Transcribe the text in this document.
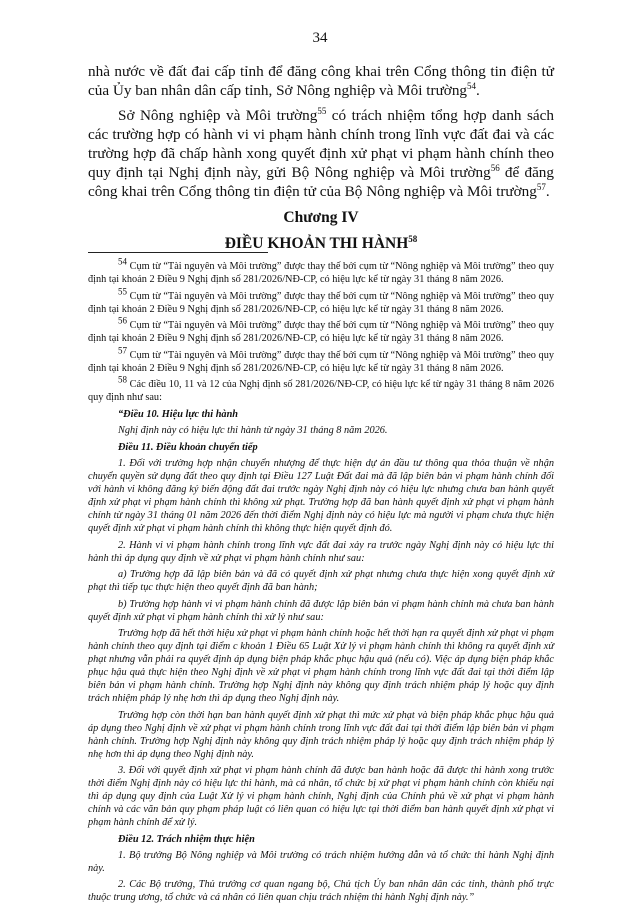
34

nhà nước về đất đai cấp tỉnh để đăng công khai trên Cổng thông tin điện tử của Ủy ban nhân dân cấp tỉnh, Sở Nông nghiệp và Môi trường$^{54}$.

Sở Nông nghiệp và Môi trường$^{55}$ có trách nhiệm tổng hợp danh sách các trường hợp có hành vi vi phạm hành chính trong lĩnh vực đất đai và các trường hợp đã chấp hành xong quyết định xử phạt vi phạm hành chính theo quy định tại Nghị định này, gửi Bộ Nông nghiệp và Môi trường$^{56}$ để đăng công khai trên Cổng thông tin điện tử của Bộ Nông nghiệp và Môi trường$^{57}$.

Chương IV

ĐIỀU KHOẢN THI HÀNH$^{58}$

$^{54}$ Cụm từ “Tài nguyên và Môi trường” được thay thế bởi cụm từ “Nông nghiệp và Môi trường” theo quy định tại khoản 2 Điều 9 Nghị định số 281/2026/NĐ-CP, có hiệu lực kể từ ngày 31 tháng 8 năm 2026.

$^{55}$ Cụm từ “Tài nguyên và Môi trường” được thay thế bởi cụm từ “Nông nghiệp và Môi trường” theo quy định tại khoản 2 Điều 9 Nghị định số 281/2026/NĐ-CP, có hiệu lực kể từ ngày 31 tháng 8 năm 2026.

$^{56}$ Cụm từ “Tài nguyên và Môi trường” được thay thế bởi cụm từ “Nông nghiệp và Môi trường” theo quy định tại khoản 2 Điều 9 Nghị định số 281/2026/NĐ-CP, có hiệu lực kể từ ngày 31 tháng 8 năm 2026.

$^{57}$ Cụm từ “Tài nguyên và Môi trường” được thay thế bởi cụm từ “Nông nghiệp và Môi trường” theo quy định tại khoản 2 Điều 9 Nghị định số 281/2026/NĐ-CP, có hiệu lực kể từ ngày 31 tháng 8 năm 2026.

$^{58}$ Các điều 10, 11 và 12 của Nghị định số 281/2026/NĐ-CP, có hiệu lực kể từ ngày 31 tháng 8 năm 2026 quy định như sau:

“Điều 10. Hiệu lực thi hành

Nghị định này có hiệu lực thi hành từ ngày 31 tháng 8 năm 2026.

Điều 11. Điều khoản chuyển tiếp

1. Đối với trường hợp nhận chuyển nhượng để thực hiện dự án đầu tư thông qua thỏa thuận về nhận chuyển quyền sử dụng đất theo quy định tại Điều 127 Luật Đất đai mà đã lập biên bản vi phạm hành chính đối với hành vi không đăng ký biến động đất đai trước ngày Nghị định này có hiệu lực nhưng chưa ban hành quyết định xử phạt vi phạm hành chính thì không xử phạt. Trường hợp đã ban hành quyết định xử phạt vi phạm hành chính từ ngày 31 tháng 01 năm 2026 đến thời điểm Nghị định này có hiệu lực mà người vi phạm chưa thực hiện quyết định xử phạt vi phạm hành chính thì không thực hiện quyết định đó.

2. Hành vi vi phạm hành chính trong lĩnh vực đất đai xảy ra trước ngày Nghị định này có hiệu lực thi hành thì áp dụng quy định về xử phạt vi phạm hành chính như sau:

a) Trường hợp đã lập biên bản và đã có quyết định xử phạt nhưng chưa thực hiện xong quyết định xử phạt thì tiếp tục thực hiện theo quyết định đã ban hành;

b) Trường hợp hành vi vi phạm hành chính đã được lập biên bản vi phạm hành chính mà chưa ban hành quyết định xử phạt vi phạm hành chính thì xử lý như sau:

Trường hợp đã hết thời hiệu xử phạt vi phạm hành chính hoặc hết thời hạn ra quyết định xử phạt vi phạm hành chính theo quy định tại điểm c khoản 1 Điều 65 Luật Xử lý vi phạm hành chính thì không ra quyết định xử phạt nhưng vẫn phải ra quyết định áp dụng biện pháp khắc phục hậu quả (nếu có). Việc áp dụng biện pháp khắc phục hậu quả thực hiện theo Nghị định về xử phạt vi phạm hành chính trong lĩnh vực đất đai tại thời điểm lập biên bản vi phạm hành chính. Trường hợp Nghị định này không quy định trách nhiệm pháp lý hoặc quy định trách nhiệm pháp lý nhẹ hơn thì áp dụng theo Nghị định này.

Trường hợp còn thời hạn ban hành quyết định xử phạt thì mức xử phạt và biện pháp khắc phục hậu quả áp dụng theo Nghị định về xử phạt vi phạm hành chính trong lĩnh vực đất đai tại thời điểm lập biên bản vi phạm hành chính. Trường hợp Nghị định này không quy định trách nhiệm pháp lý hoặc quy định trách nhiệm pháp lý nhẹ hơn thì áp dụng theo Nghị định này.

3. Đối với quyết định xử phạt vi phạm hành chính đã được ban hành hoặc đã được thi hành xong trước thời điểm Nghị định này có hiệu lực thi hành, mà cá nhân, tổ chức bị xử phạt vi phạm hành chính còn khiếu nại thì áp dụng quy định của Luật Xử lý vi phạm hành chính, Nghị định của Chính phủ về xử phạt vi phạm hành chính và các văn bản quy phạm pháp luật có liên quan có hiệu lực tại thời điểm ban hành quyết định xử phạt vi phạm hành chính để xử lý.

Điều 12. Trách nhiệm thực hiện

1. Bộ trưởng Bộ Nông nghiệp và Môi trường có trách nhiệm hướng dẫn và tổ chức thi hành Nghị định này.

2. Các Bộ trưởng, Thủ trưởng cơ quan ngang bộ, Chủ tịch Ủy ban nhân dân các tỉnh, thành phố trực thuộc trung ương, tổ chức và cá nhân có liên quan chịu trách nhiệm thi hành Nghị định này.”
